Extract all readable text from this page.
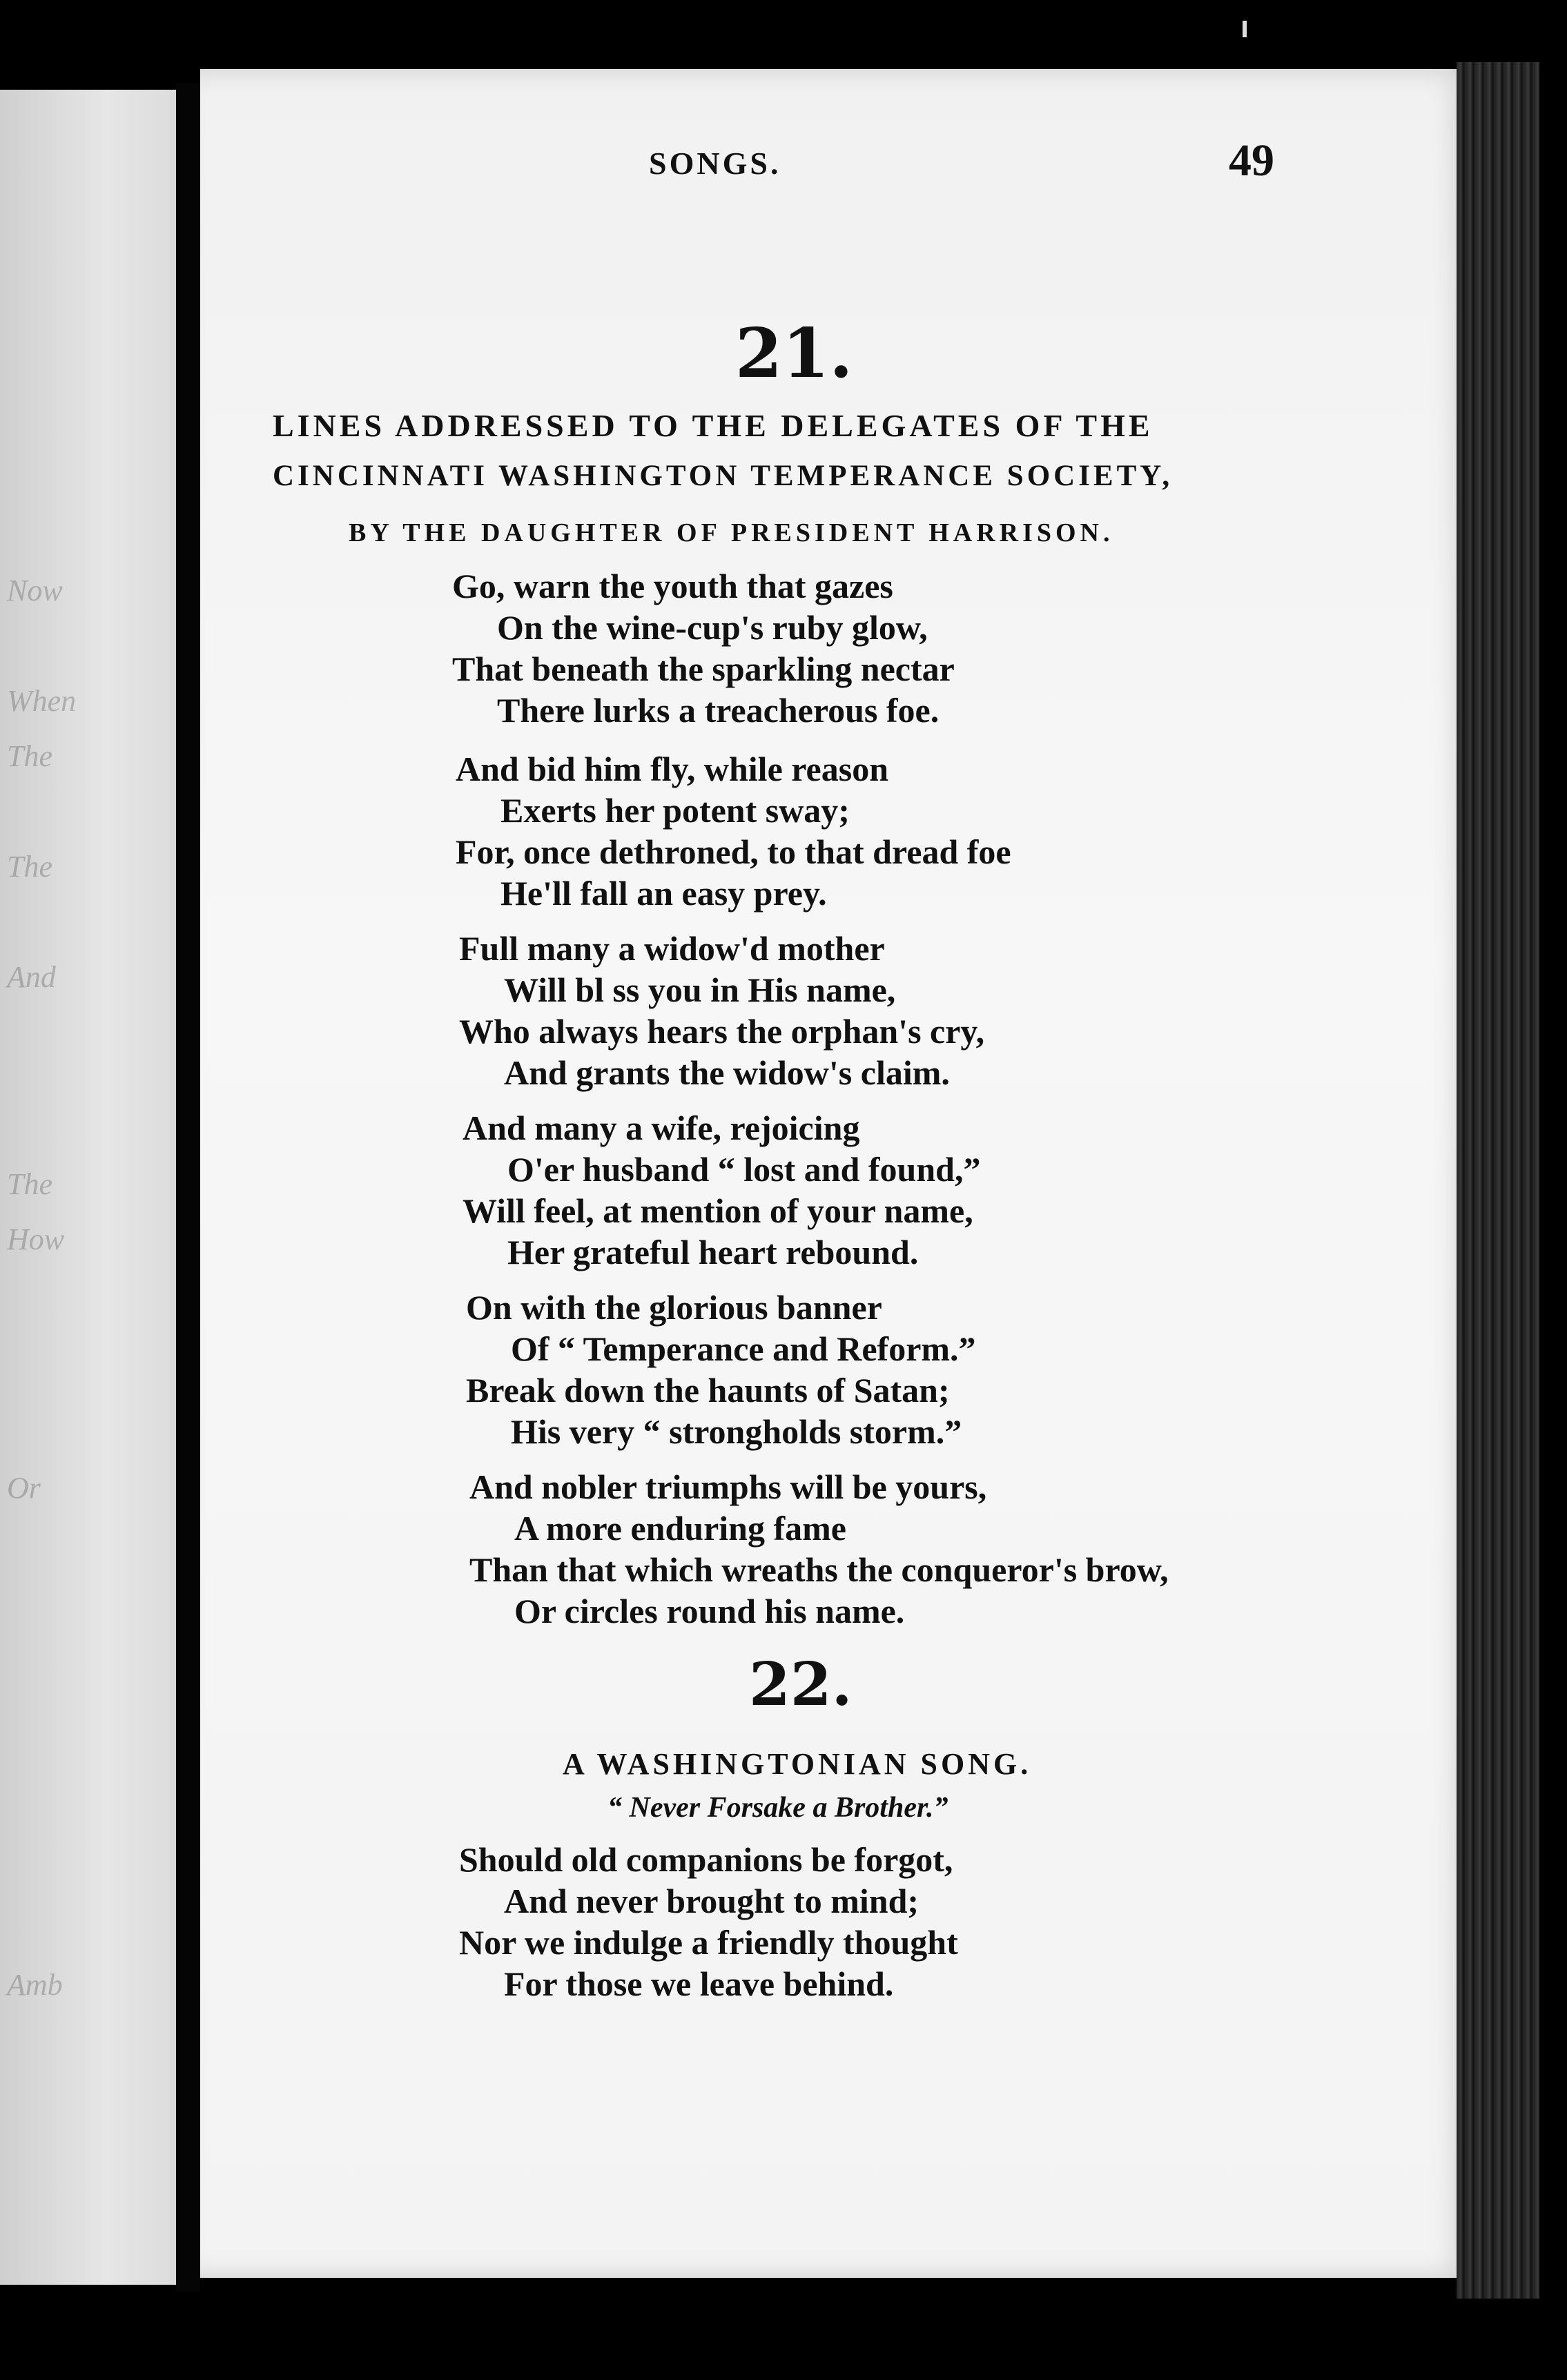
Now
When
The
The
And
The
How
Or
Amb
SONGS.	49
21.
LINES ADDRESSED TO THE DELEGATES OF THE
CINCINNATI WASHINGTON TEMPERANCE SOCIETY,
BY THE DAUGHTER OF PRESIDENT HARRISON.
Go, warn the youth that gazes
On the wine-cup's ruby glow,
That beneath the sparkling nectar
There lurks a treacherous foe.
And bid him fly, while reason
Exerts her potent sway;
For, once dethroned, to that dread foe
He'll fall an easy prey.
Full many a widow'd mother
Will bl ss you in His name,
Who always hears the orphan's cry,
And grants the widow's claim.
And many a wife, rejoicing
O'er husband “ lost and found,”
Will feel, at mention of your name,
Her grateful heart rebound.
On with the glorious banner
Of “ Temperance and Reform.”
Break down the haunts of Satan;
His very “ strongholds storm.”
And nobler triumphs will be yours,
A more enduring fame
Than that which wreaths the conqueror's brow,
Or circles round his name.
22.
A WASHINGTONIAN SONG.
“ Never Forsake a Brother.”
Should old companions be forgot,
And never brought to mind;
Nor we indulge a friendly thought
For those we leave behind.
